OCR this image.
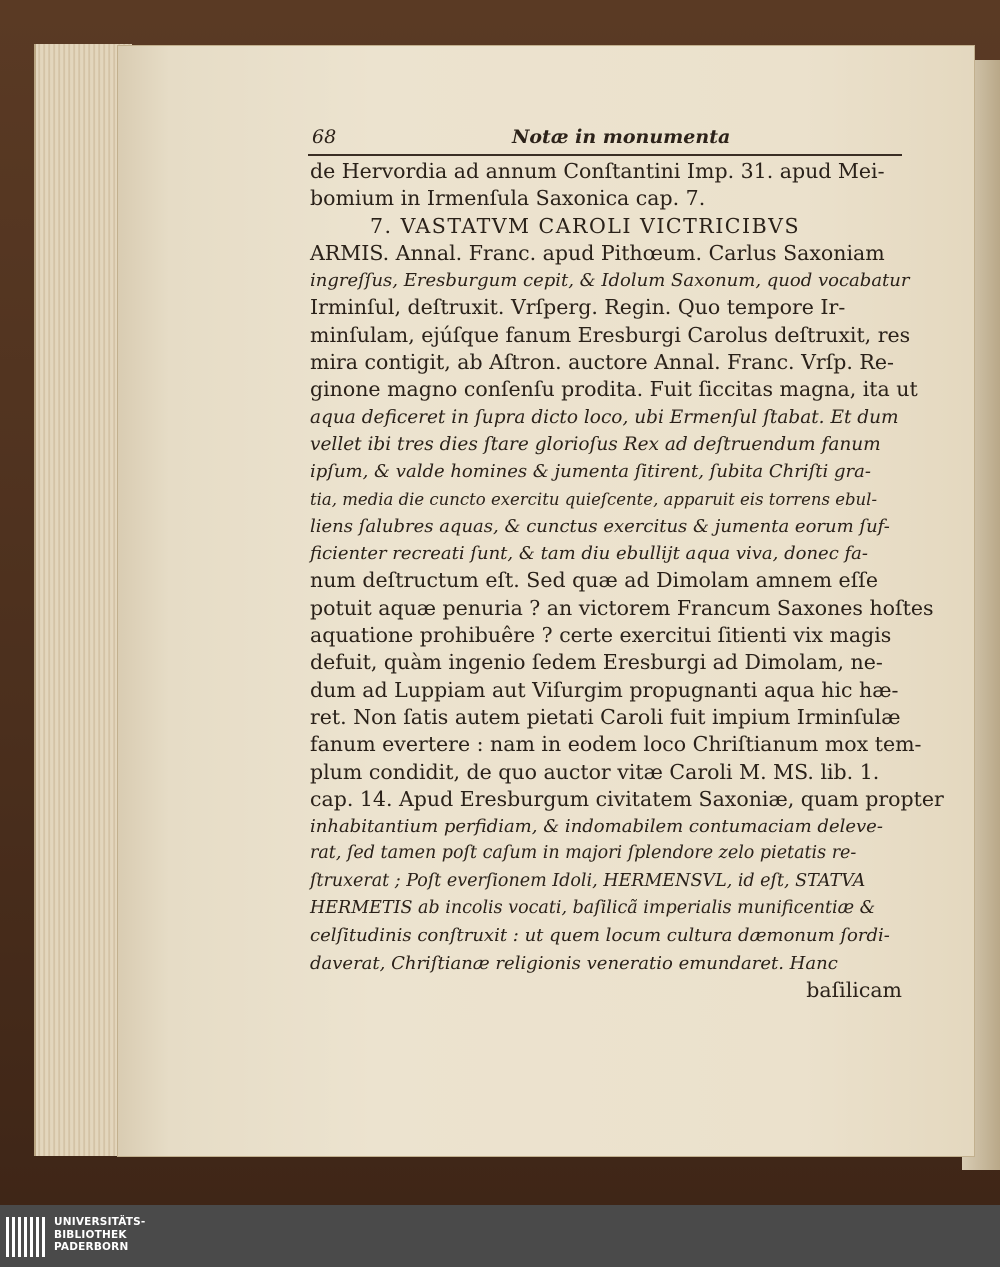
68	Notæ in monumenta
de Hervordia ad annum Conſtantini Imp. 31. apud Mei-
bomium in Irmenſula Saxonica cap. 7.
7. VASTATVM CAROLI VICTRICIBVS
ARMIS. Annal. Franc. apud Pithœum. Carlus Saxoniam
ingreſſus, Eresburgum cepit, & Idolum Saxonum, quod vocabatur
Irminſul, deſtruxit. Vrſperg. Regin. Quo tempore Ir-
minſulam, ejúſque fanum Eresburgi Carolus deſtruxit, res
mira contigit, ab Aſtron. auctore Annal. Franc. Vrſp. Re-
ginone magno conſenſu prodita. Fuit ſiccitas magna, ita ut
aqua deficeret in ſupra dicto loco, ubi Ermenſul ſtabat. Et dum
vellet ibi tres dies ſtare glorioſus Rex ad deſtruendum fanum
ipſum, & valde homines & jumenta ſitirent, ſubita Chriſti gra-
tia, media die cuncto exercitu quieſcente, apparuit eis torrens ebul-
liens ſalubres aquas, & cunctus exercitus & jumenta eorum ſuf-
ficienter recreati ſunt, & tam diu ebullijt aqua viva, donec fa-
num deſtructum eſt. Sed quæ ad Dimolam amnem eſſe
potuit aquæ penuria ? an victorem Francum Saxones hoſtes
aquatione prohibuêre ? certe exercitui ſitienti vix magis
defuit, quàm ingenio ſedem Eresburgi ad Dimolam, ne-
dum ad Luppiam aut Viſurgim propugnanti aqua hic hæ-
ret. Non ſatis autem pietati Caroli fuit impium Irminſulæ
fanum evertere : nam in eodem loco Chriſtianum mox tem-
plum condidit, de quo auctor vitæ Caroli M. MS. lib. 1.
cap. 14. Apud Eresburgum civitatem Saxoniæ, quam propter
inhabitantium perfidiam, & indomabilem contumaciam deleve-
rat, ſed tamen poſt caſum in majori ſplendore zelo pietatis re-
ſtruxerat ; Poſt everſionem Idoli, HERMENSVL, id eſt, STATVA
HERMETIS ab incolis vocati, baſilicã imperialis munificentiæ &
celſitudinis conſtruxit : ut quem locum cultura dæmonum ſordi-
daverat, Chriſtianæ religionis veneratio emundaret. Hanc
baſilicam
UNIVERSITÄTS-
BIBLIOTHEK
PADERBORN
